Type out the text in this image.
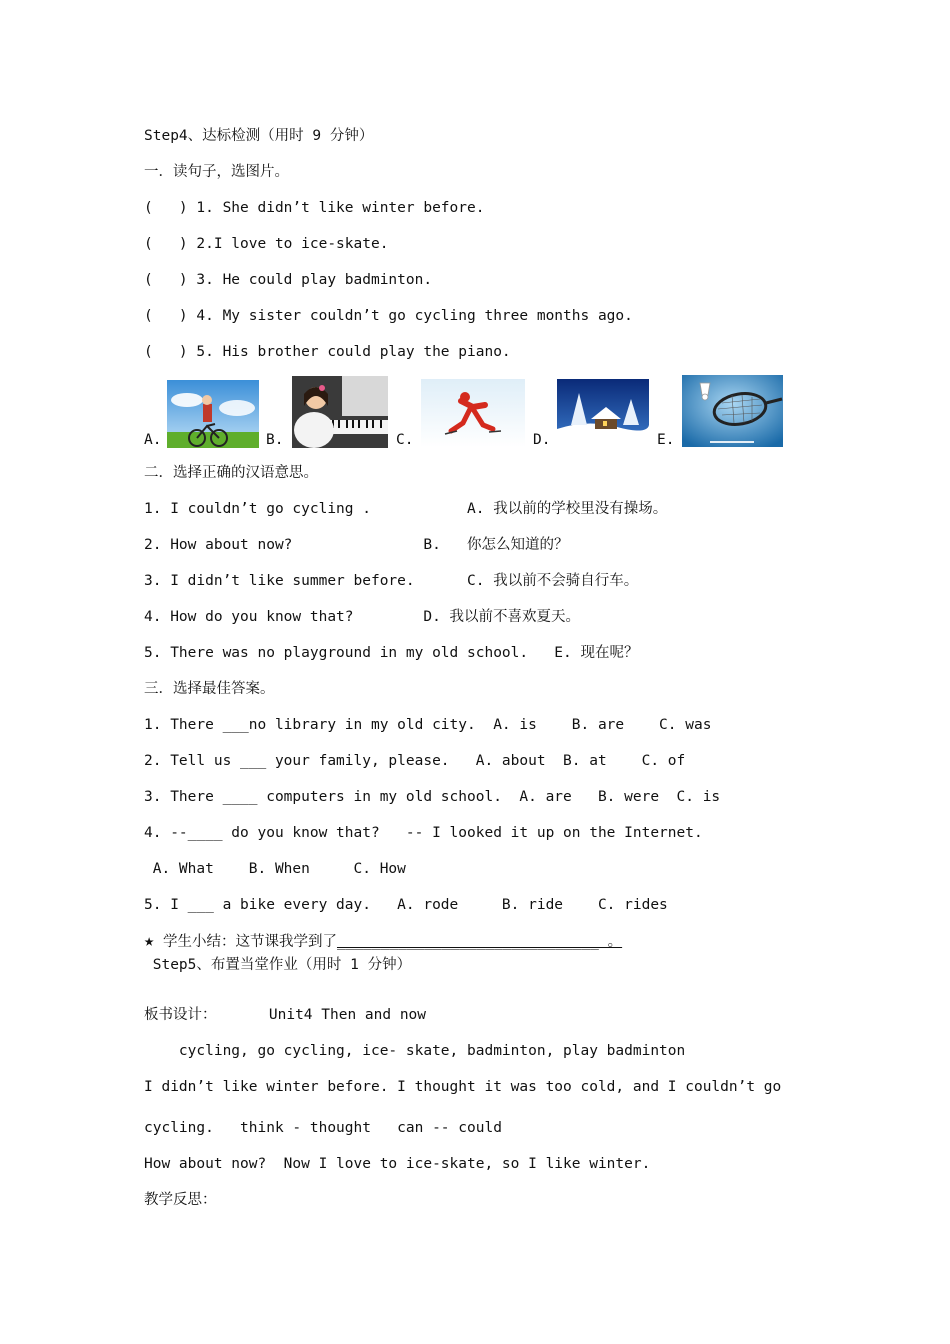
Step4、达标检测（用时 9 分钟）
一．读句子，选图片。
(   ) 1. She didn’t like winter before.
(   ) 2.I love to ice-skate.
(   ) 3. He could play badminton.
(   ) 4. My sister couldn’t go cycling three months ago.
(   ) 5. His brother could play the piano.
A.	B.	C.	D.	E.
二．选择正确的汉语意思。
1. I couldn’t go cycling .           A. 我以前的学校里没有操场。
2. How about now?               B.   你怎么知道的？
3. I didn’t like summer before.      C. 我以前不会骑自行车。
4. How do you know that?        D. 我以前不喜欢夏天。
5. There was no playground in my old school.   E. 现在呢？
三．选择最佳答案。
1. There ___no library in my old city.  A. is    B. are    C. was
2. Tell us ___ your family, please.   A. about  B. at    C. of
3. There ____ computers in my old school.  A. are   B. were  C. is
4. --____ do you know that?   -- I looked it up on the Internet.
A. What    B. When     C. How
5. I ___ a bike every day.   A. rode     B. ride    C. rides
★ 学生小结：这节课我学到了______________________________ 。
Step5、布置当堂作业（用时 1 分钟）
板书设计：      Unit4 Then and now
cycling, go cycling, ice- skate, badminton, play badminton
I didn’t like winter before. I thought it was too cold, and I couldn’t go
cycling.   think - thought   can -- could
How about now?  Now I love to ice-skate, so I like winter.
教学反思：
